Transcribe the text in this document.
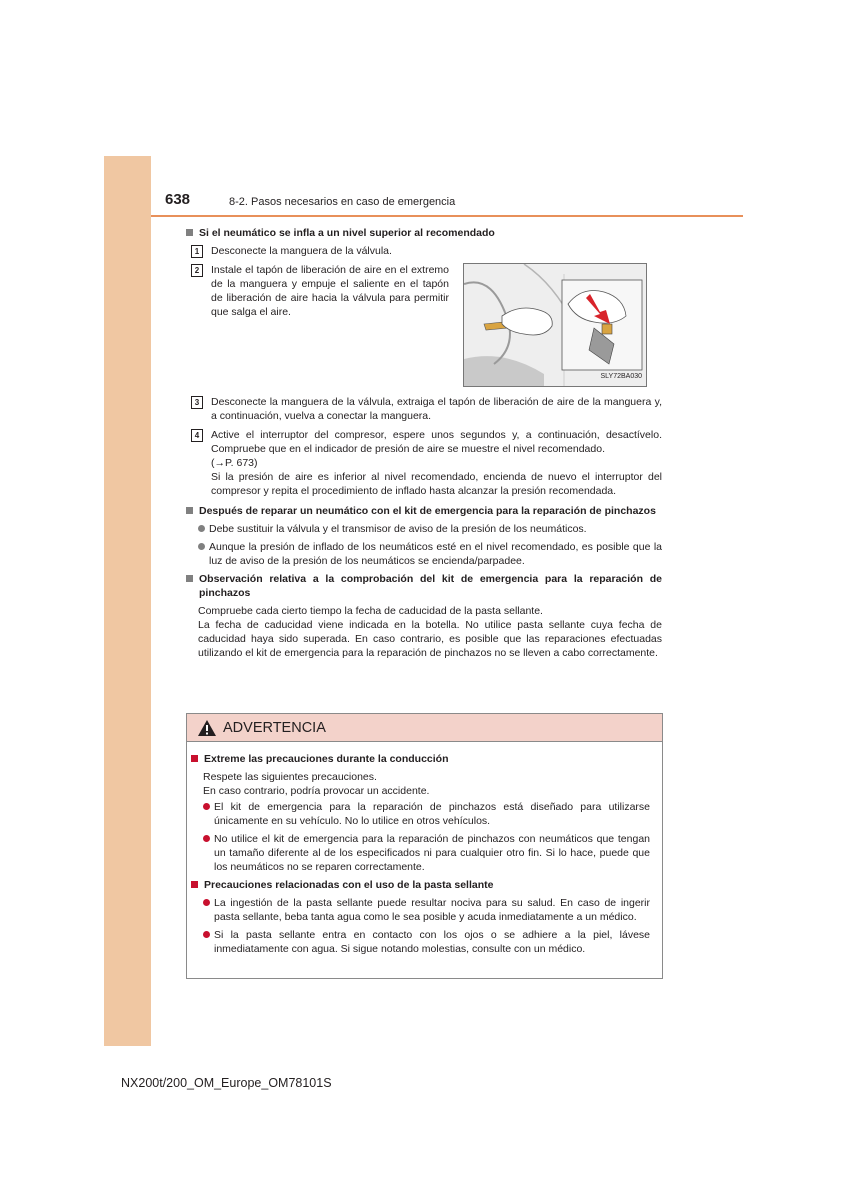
638	8-2. Pasos necesarios en caso de emergencia
Si el neumático se infla a un nivel superior al recomendado
1	Desconecte la manguera de la válvula.
2	Instale el tapón de liberación de aire en el extremo de la manguera y empuje el saliente en el tapón de liberación de aire hacia la válvula para permitir que salga el aire.
SLY72BA030
3	Desconecte la manguera de la válvula, extraiga el tapón de liberación de aire de la manguera y, a continuación, vuelva a conectar la manguera.
4	Active el interruptor del compresor, espere unos segundos y, a continuación, desactívelo. Compruebe que en el indicador de presión de aire se muestre el nivel recomendado.
(→P. 673)
Si la presión de aire es inferior al nivel recomendado, encienda de nuevo el interruptor del compresor y repita el procedimiento de inflado hasta alcanzar la presión recomendada.
Después de reparar un neumático con el kit de emergencia para la reparación de pinchazos
Debe sustituir la válvula y el transmisor de aviso de la presión de los neumáticos.
Aunque la presión de inflado de los neumáticos esté en el nivel recomendado, es posible que la luz de aviso de la presión de los neumáticos se encienda/parpadee.
Observación relativa a la comprobación del kit de emergencia para la reparación de pinchazos
Compruebe cada cierto tiempo la fecha de caducidad de la pasta sellante.
La fecha de caducidad viene indicada en la botella. No utilice pasta sellante cuya fecha de caducidad haya sido superada. En caso contrario, es posible que las reparaciones efectuadas utilizando el kit de emergencia para la reparación de pinchazos no se lleven a cabo correctamente.
ADVERTENCIA
Extreme las precauciones durante la conducción
Respete las siguientes precauciones.
En caso contrario, podría provocar un accidente.
El kit de emergencia para la reparación de pinchazos está diseñado para utilizarse únicamente en su vehículo. No lo utilice en otros vehículos.
No utilice el kit de emergencia para la reparación de pinchazos con neumáticos que tengan un tamaño diferente al de los especificados ni para cualquier otro fin. Si lo hace, puede que los neumáticos no se reparen correctamente.
Precauciones relacionadas con el uso de la pasta sellante
La ingestión de la pasta sellante puede resultar nociva para su salud. En caso de ingerir pasta sellante, beba tanta agua como le sea posible y acuda inmediatamente a un médico.
Si la pasta sellante entra en contacto con los ojos o se adhiere a la piel, lávese inmediatamente con agua. Si sigue notando molestias, consulte con un médico.
NX200t/200_OM_Europe_OM78101S
